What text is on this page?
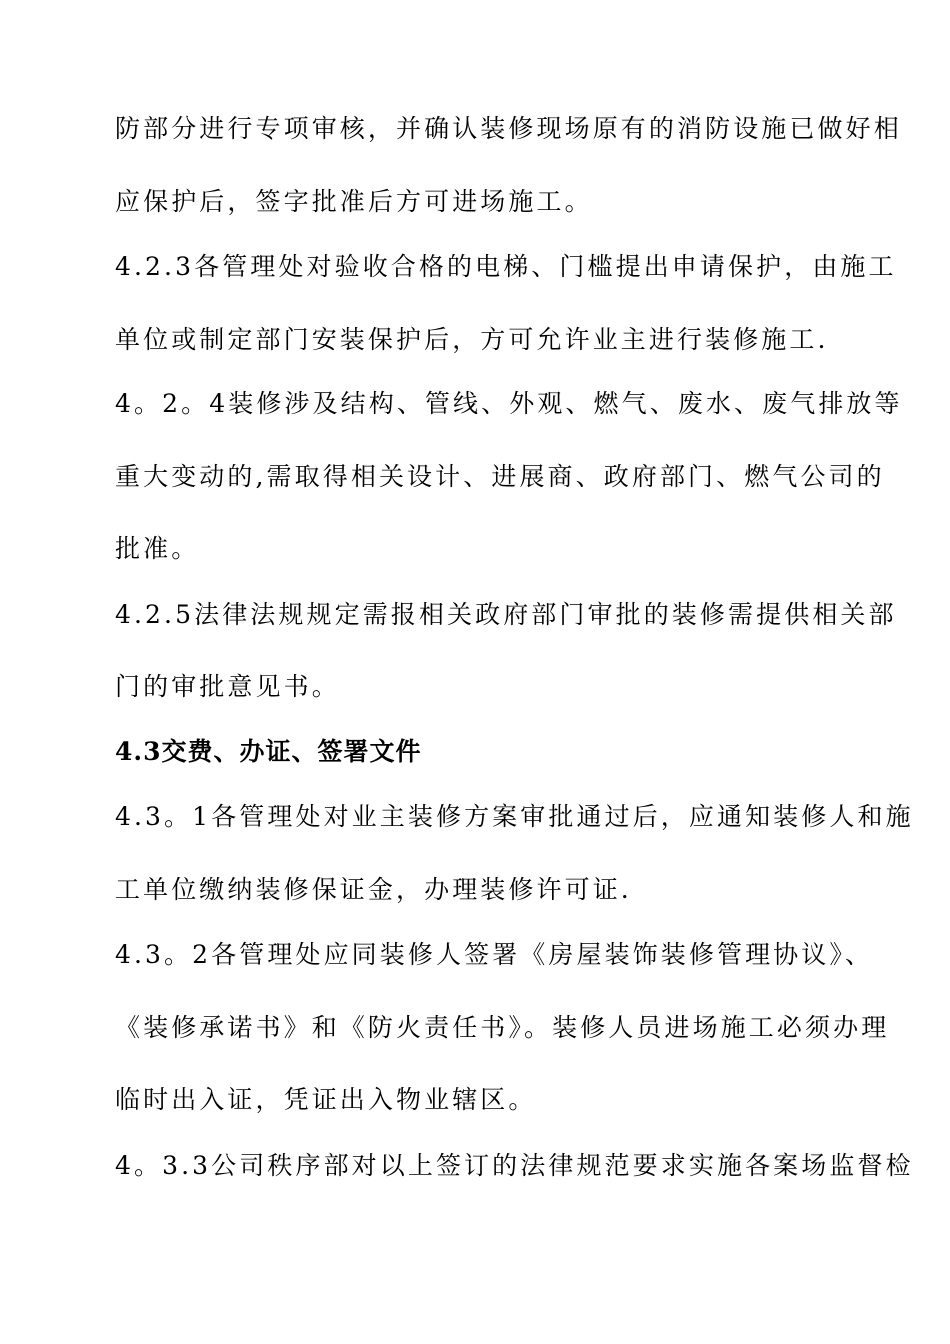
防部分进行专项审核，并确认装修现场原有的消防设施已做好相
应保护后，签字批准后方可进场施工。
4.2.3各管理处对验收合格的电梯、门槛提出申请保护，由施工
单位或制定部门安装保护后，方可允许业主进行装修施工.
4。2。4装修涉及结构、管线、外观、燃气、废水、废气排放等
重大变动的,需取得相关设计、进展商、政府部门、燃气公司的
批准。
4.2.5法律法规规定需报相关政府部门审批的装修需提供相关部
门的审批意见书。
4.3交费、办证、签署文件
4.3。1各管理处对业主装修方案审批通过后，应通知装修人和施
工单位缴纳装修保证金，办理装修许可证.
4.3。2各管理处应同装修人签署《房屋装饰装修管理协议》、
《装修承诺书》和《防火责任书》。装修人员进场施工必须办理
临时出入证，凭证出入物业辖区。
4。3.3公司秩序部对以上签订的法律规范要求实施各案场监督检
